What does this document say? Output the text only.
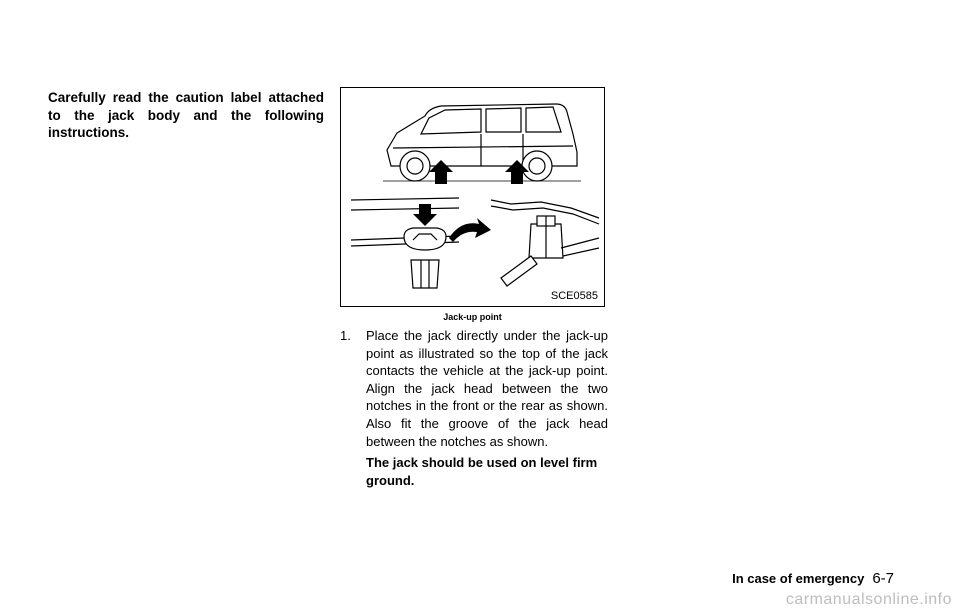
Carefully read the caution label attached to the jack body and the following instructions.

SCE0585
Jack-up point
1. Place the jack directly under the jack-up point as illustrated so the top of the jack contacts the vehicle at the jack-up point. Align the jack head between the two notches in the front or the rear as shown. Also fit the groove of the jack head between the notches as shown.
The jack should be used on level firm ground.
In case of emergency 6-7
carmanualsonline.info
